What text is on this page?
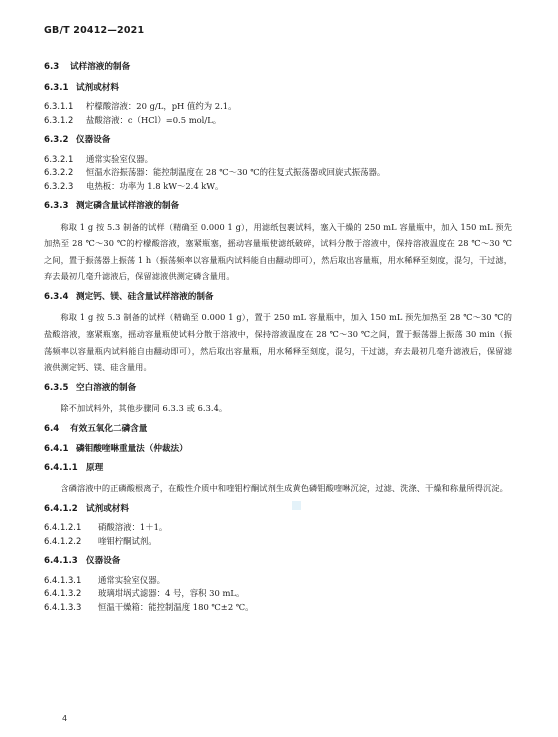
GB/T 20412—2021
6.3 试样溶液的制备
6.3.1 试剂或材料
6.3.1.1 柠檬酸溶液：20 g/L，pH 值约为 2.1。
6.3.1.2 盐酸溶液：c（HCl）=0.5 mol/L。
6.3.2 仪器设备
6.3.2.1 通常实验室仪器。
6.3.2.2 恒温水浴振荡器：能控制温度在 28 ℃～30 ℃的往复式振荡器或回旋式振荡器。
6.3.2.3 电热板：功率为 1.8 kW～2.4 kW。
6.3.3 测定磷含量试样溶液的制备

称取 1 g 按 5.3 制备的试样（精确至 0.000 1 g），用滤纸包裹试料，塞入干燥的 250 mL 容量瓶中，加入 150 mL 预先加热至 28 ℃～30 ℃的柠檬酸溶液，塞紧瓶塞，摇动容量瓶使滤纸破碎，试料分散于溶液中，保持溶液温度在 28 ℃～30 ℃之间，置于振荡器上振荡 1 h（振荡频率以容量瓶内试料能自由翻动即可），然后取出容量瓶，用水稀释至刻度，混匀，干过滤，弃去最初几毫升滤液后，保留滤液供测定磷含量用。

6.3.4 测定钙、镁、硅含量试样溶液的制备

称取 1 g 按 5.3 制备的试样（精确至 0.000 1 g），置于 250 mL 容量瓶中，加入 150 mL 预先加热至 28 ℃～30 ℃的盐酸溶液，塞紧瓶塞，摇动容量瓶使试料分散于溶液中，保持溶液温度在 28 ℃～30 ℃之间，置于振荡器上振荡 30 min（振荡频率以容量瓶内试料能自由翻动即可），然后取出容量瓶，用水稀释至刻度，混匀，干过滤，弃去最初几毫升滤液后，保留滤液供测定钙、镁、硅含量用。

6.3.5 空白溶液的制备

除不加试料外，其他步骤同 6.3.3 或 6.3.4。

6.4 有效五氧化二磷含量
6.4.1 磷钼酸喹啉重量法（仲裁法）
6.4.1.1 原理

含磷溶液中的正磷酸根离子，在酸性介质中和喹钼柠酮试剂生成黄色磷钼酸喹啉沉淀，过滤、洗涤、干燥和称量所得沉淀。

6.4.1.2 试剂或材料
6.4.1.2.1 硝酸溶液：1＋1。
6.4.1.2.2 喹钼柠酮试剂。
6.4.1.3 仪器设备
6.4.1.3.1 通常实验室仪器。
6.4.1.3.2 玻璃坩埚式滤器：4 号，容积 30 mL。
6.4.1.3.3 恒温干燥箱：能控制温度 180 ℃±2 ℃。
4
